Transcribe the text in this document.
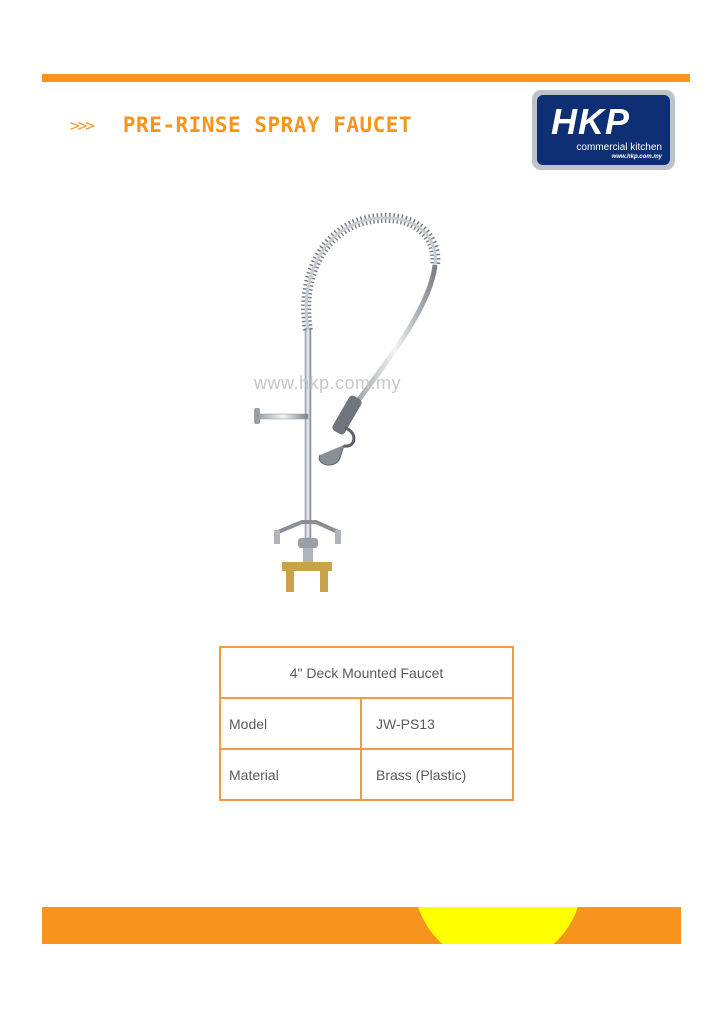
>>> PRE-RINSE SPRAY FAUCET	HKP
commercial kitchen
www.hkp.com.my
www.hkp.com.my
4" Deck Mounted Faucet	
Model	JW-PS13
Material	Brass (Plastic)
